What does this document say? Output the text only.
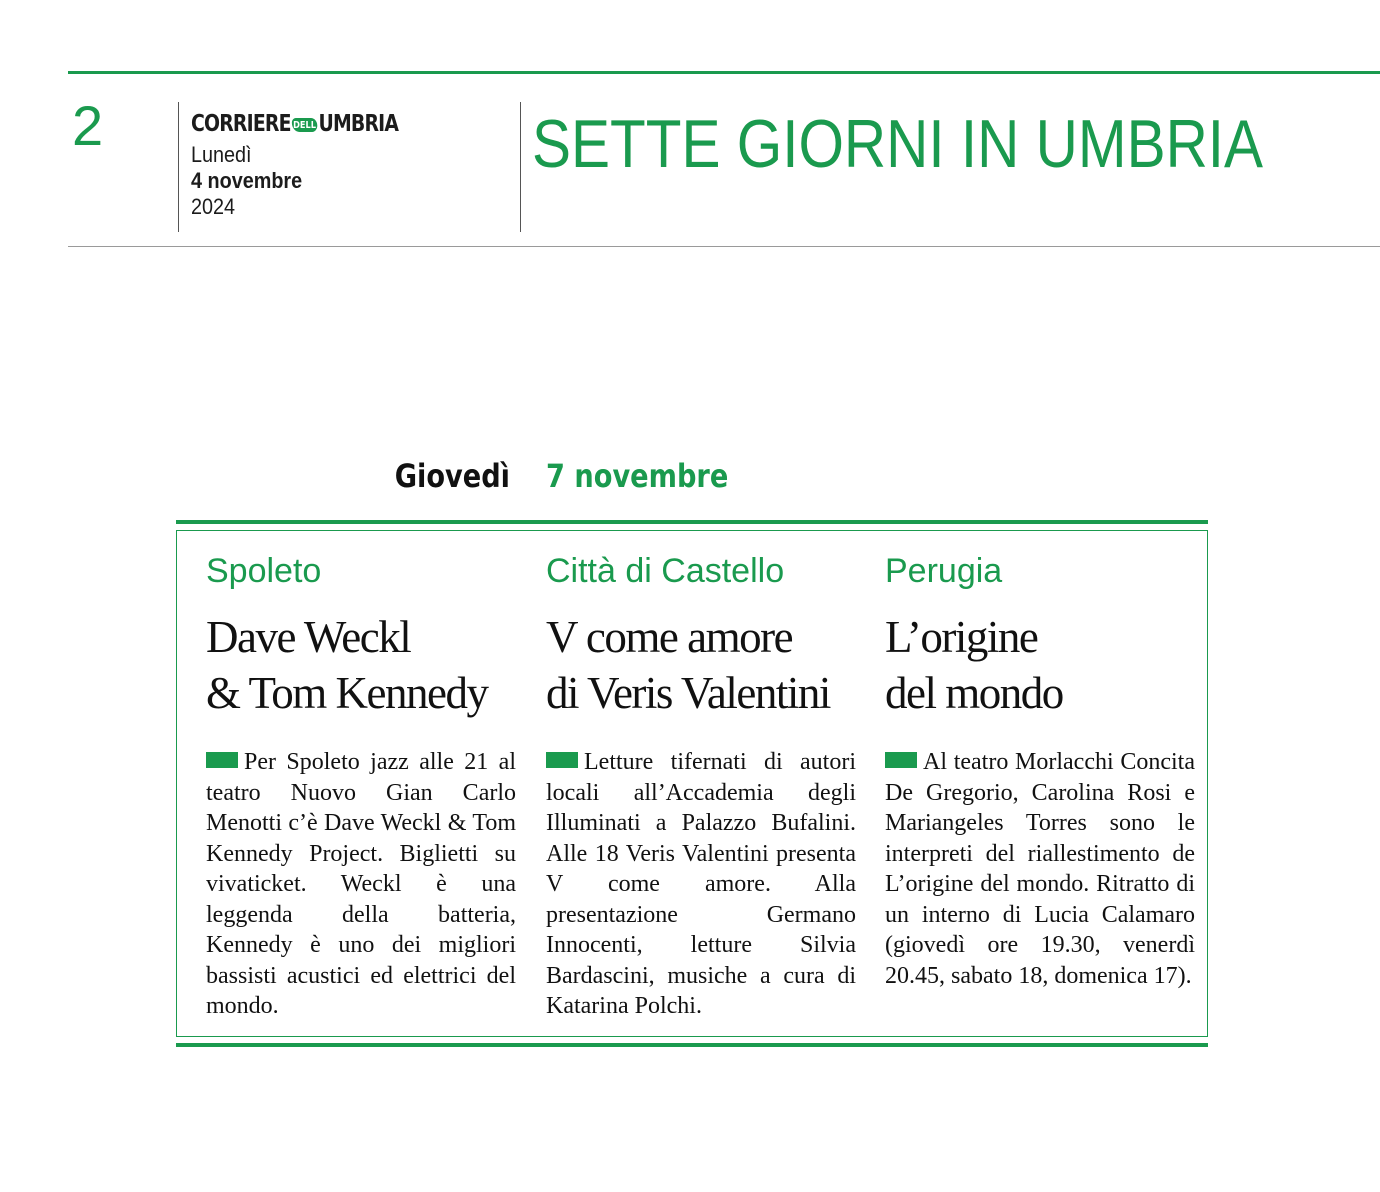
2	CORRIERE DELL UMBRIA
Lunedì
4 novembre
2024
SETTE GIORNI IN UMBRIA
Giovedì 7 novembre
Spoleto
Dave Weckl
& Tom Kennedy
Per Spoleto jazz alle 21 al teatro Nuovo Gian Carlo Menotti c’è Dave Weckl & Tom Kennedy Project. Biglietti su vivaticket. Weckl è una leggenda della batteria, Kennedy è uno dei migliori bassisti acustici ed elettrici del mondo.
Città di Castello
V come amore
di Veris Valentini
Letture tifernati di autori locali all’Accademia degli Illuminati a Palazzo Bufalini. Alle 18 Veris Valentini presenta V come amore. Alla presentazione Germano Innocenti, letture Silvia Bardascini, musiche a cura di Katarina Polchi.
Perugia
L’origine
del mondo
Al teatro Morlacchi Concita De Gregorio, Carolina Rosi e Mariangeles Torres sono le interpreti del riallestimento de L’origine del mondo. Ritratto di un interno di Lucia Calamaro (giovedì ore 19.30, venerdì 20.45, sabato 18, domenica 17).
